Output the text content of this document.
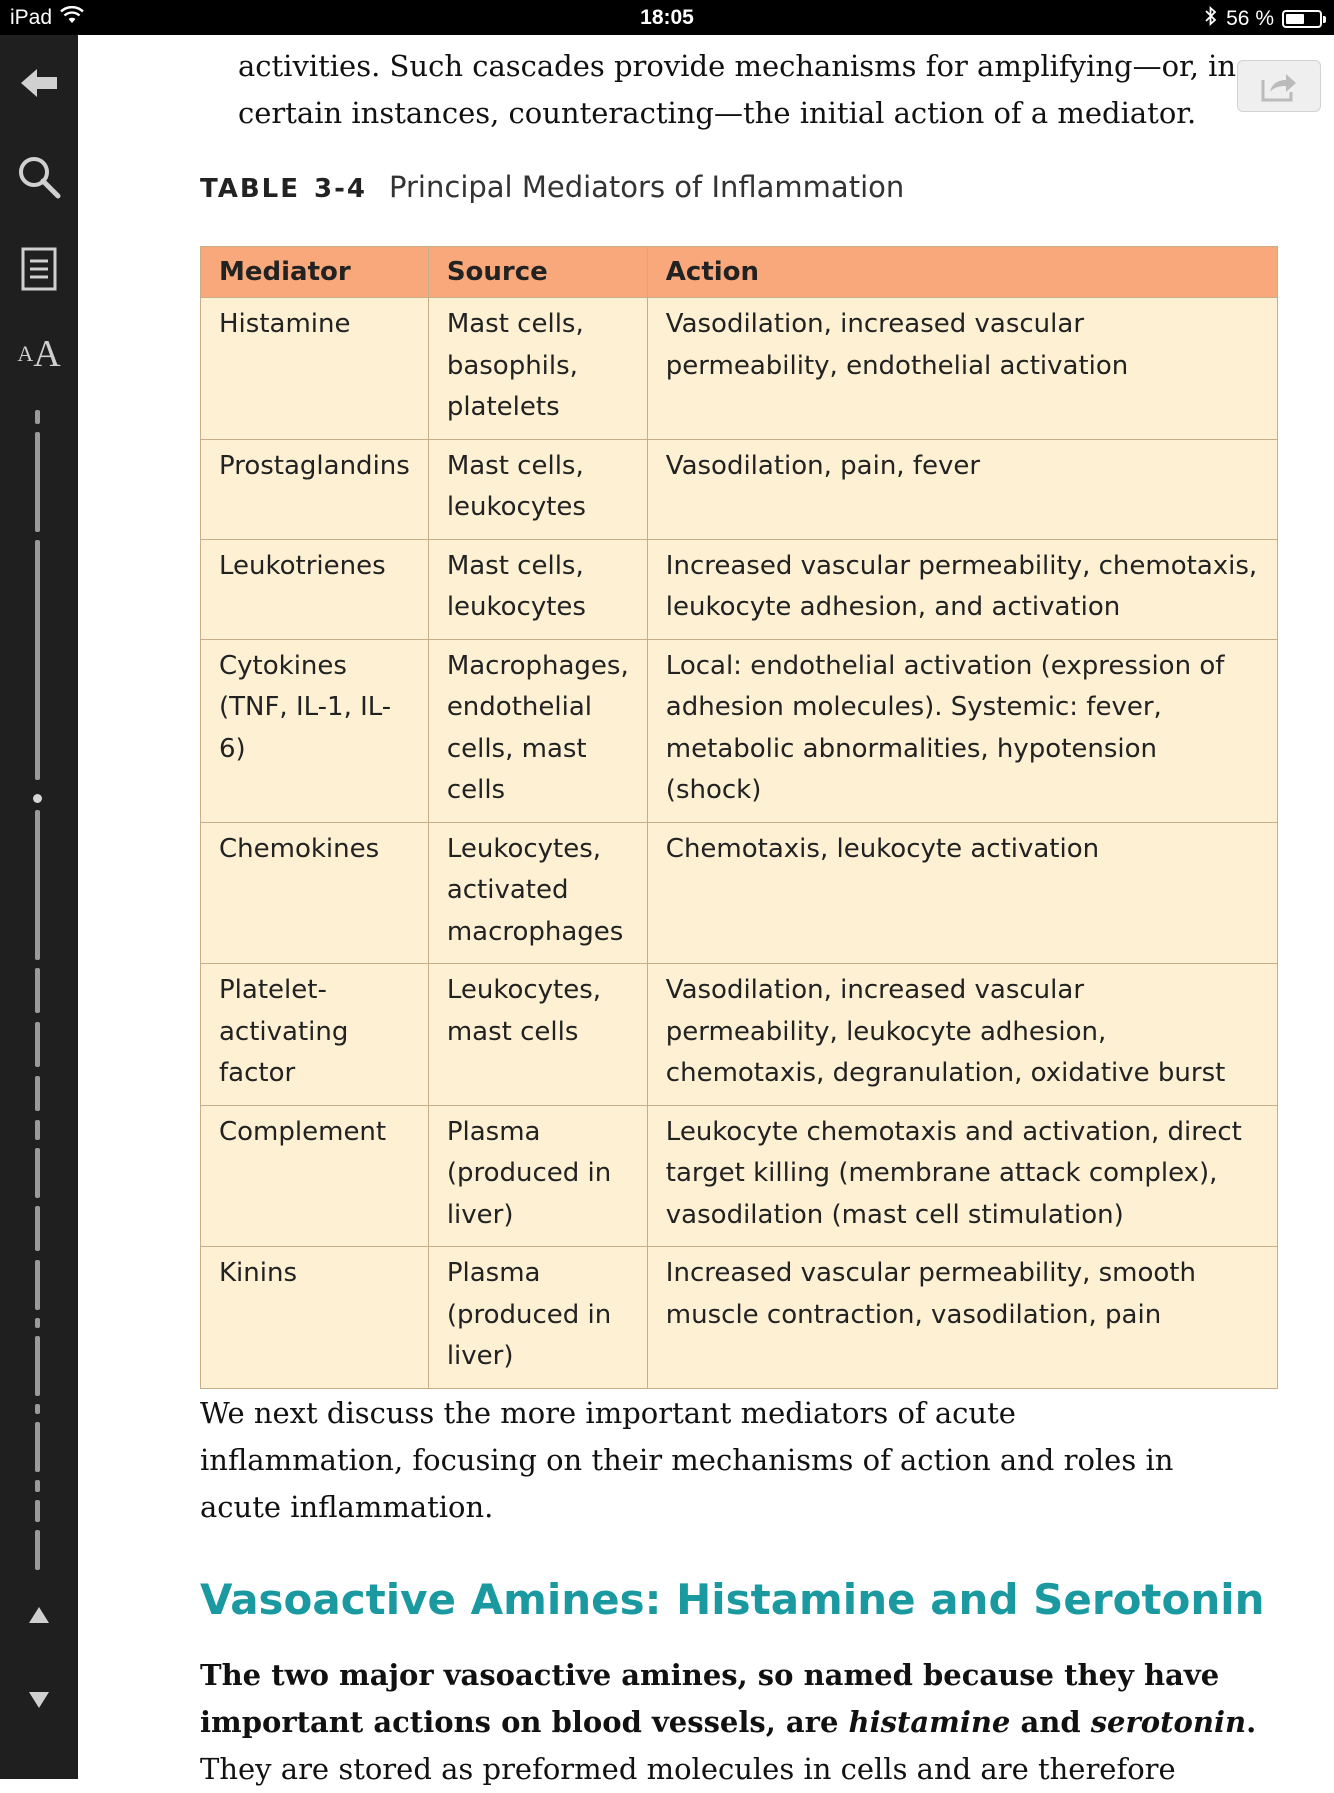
iPad	18:05	56 %
A A
activities. Such cascades provide mechanisms for amplifying—or, in certain instances, counteracting—the initial action of a mediator.
TABLE 3-4 Principal Mediators of Inflammation
Mediator	Source	Action
Histamine	Mast cells, basophils, platelets	Vasodilation, increased vascular permeability, endothelial activation
Prostaglandins	Mast cells, leukocytes	Vasodilation, pain, fever
Leukotrienes	Mast cells, leukocytes	Increased vascular permeability, chemotaxis, leukocyte adhesion, and activation
Cytokines (TNF, IL-1, IL-6)	Macrophages, endothelial cells, mast cells	Local: endothelial activation (expression of adhesion molecules). Systemic: fever, metabolic abnormalities, hypotension (shock)
Chemokines	Leukocytes, activated macrophages	Chemotaxis, leukocyte activation
Platelet-activating factor	Leukocytes, mast cells	Vasodilation, increased vascular permeability, leukocyte adhesion, chemotaxis, degranulation, oxidative burst
Complement	Plasma (produced in liver)	Leukocyte chemotaxis and activation, direct target killing (membrane attack complex), vasodilation (mast cell stimulation)
Kinins	Plasma (produced in liver)	Increased vascular permeability, smooth muscle contraction, vasodilation, pain
We next discuss the more important mediators of acute inflammation, focusing on their mechanisms of action and roles in acute inflammation.
Vasoactive Amines: Histamine and Serotonin
The two major vasoactive amines, so named because they have important actions on blood vessels, are histamine and serotonin.
They are stored as preformed molecules in cells and are therefore
